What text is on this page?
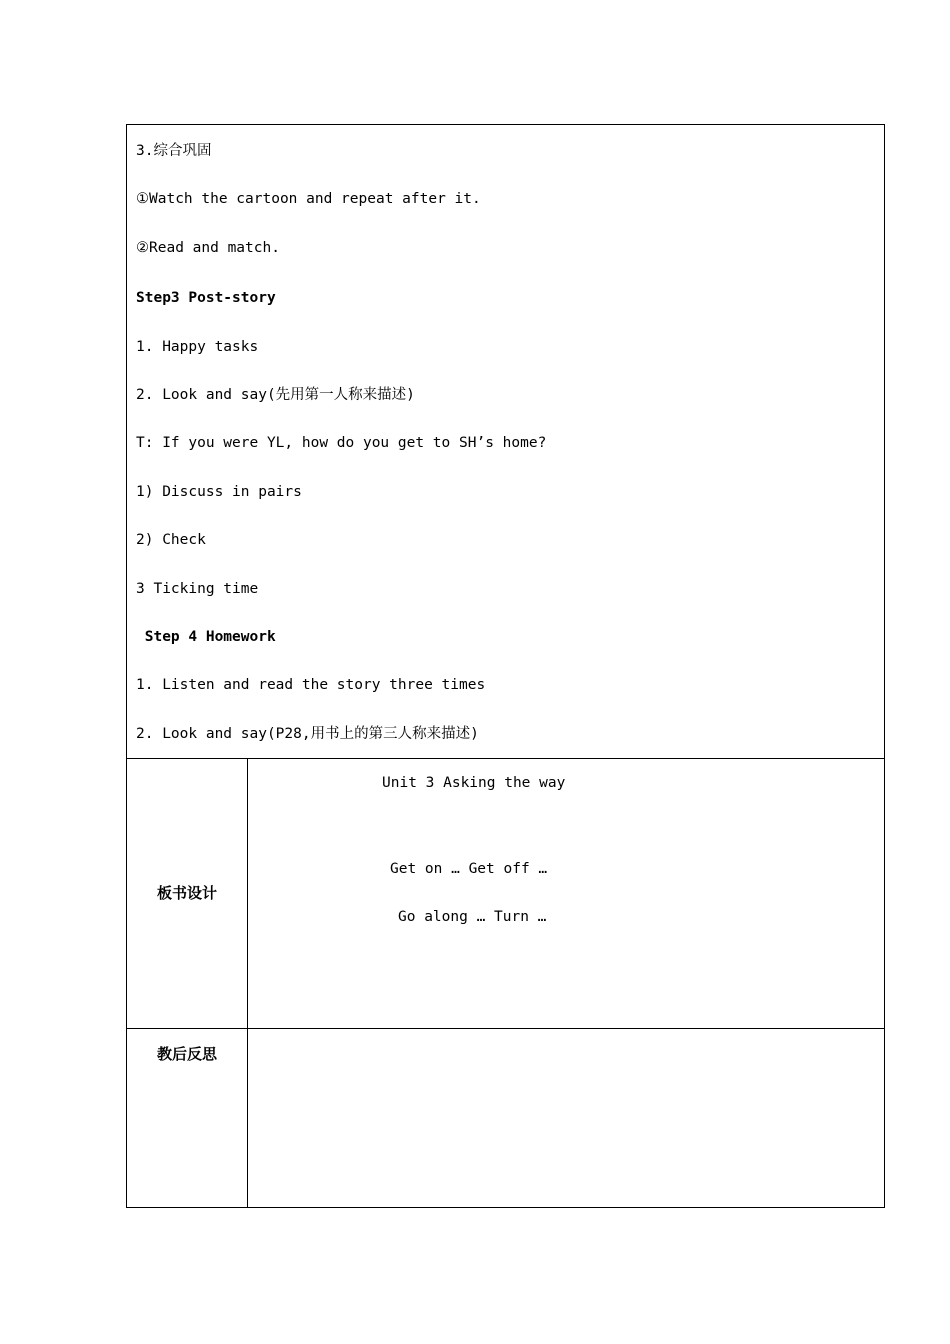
3.综合巩固
①Watch the cartoon and repeat after it.
②Read and match.
Step3 Post-story
1. Happy tasks
2. Look and say(先用第一人称来描述)
T: If you were YL, how do you get to SH’s home?
1) Discuss in pairs
2) Check
3 Ticking time
Step 4 Homework
1. Listen and read the story three times
2. Look and say(P28,用书上的第三人称来描述)
板书设计
Unit 3 Asking the way
Get on … Get off …
Go along … Turn …
教后反思
